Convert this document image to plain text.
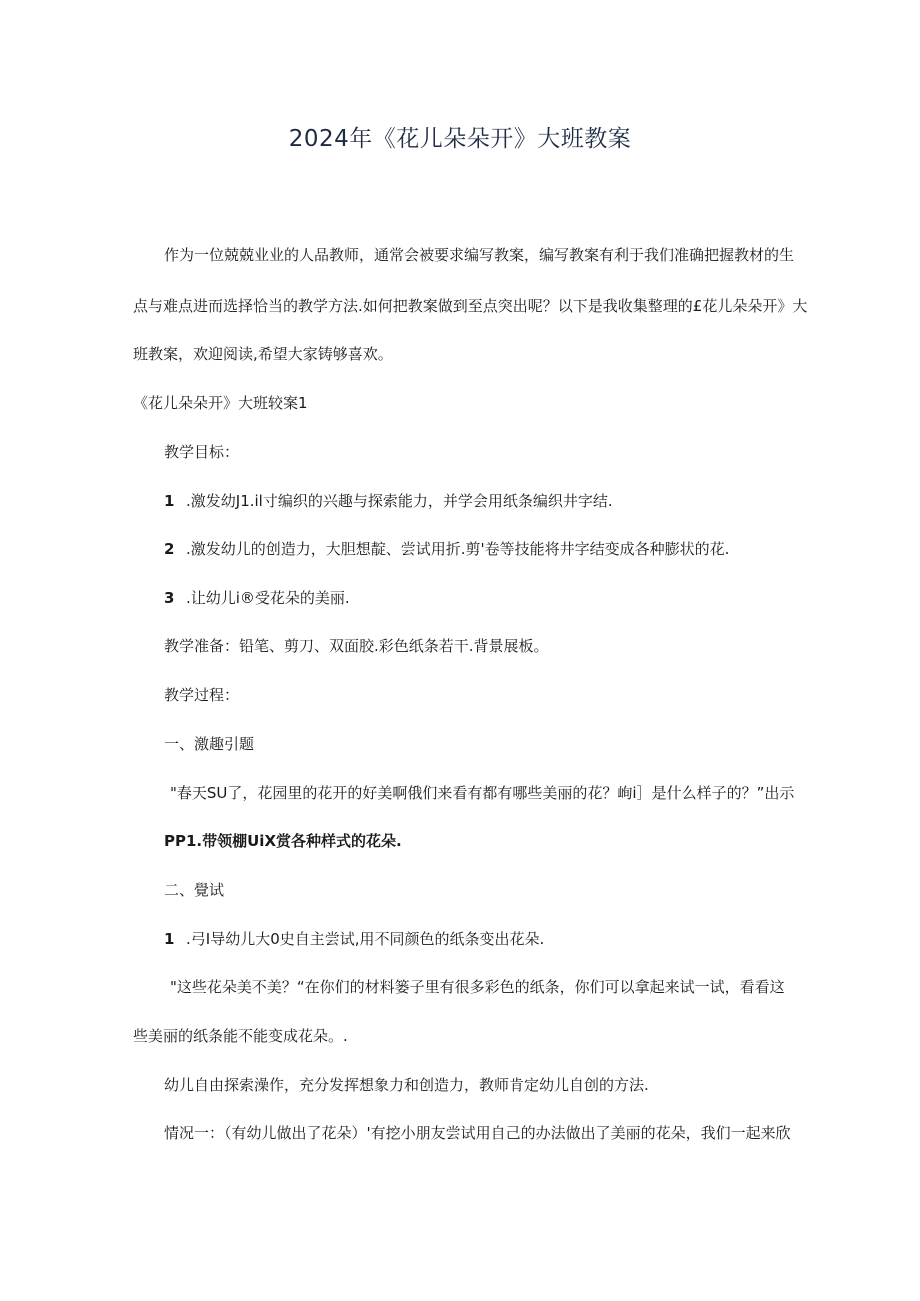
2024年《花儿朵朵开》大班教案
作为一位兢兢业业的人品教师，通常会被要求编写教案，编写教案有利于我们准确把握教材的生
点与难点进而选择恰当的教学方法.如何把教案做到至点突出呢？以下是我收集整理的£花儿朵朵开》大
班教案，欢迎阅读,希望大家铸够喜欢。
《花儿朵朵开》大班较案1
教学目标：
1 .激发幼J1.il寸编织的兴趣与探索能力，并学会用纸条编织井字结.
2 .激发幼儿的创造力，大胆想靛、尝试用折.剪'卷等技能将井字结变成各种膨状的花.
3 .让幼儿i®受花朵的美丽.
教学准备：铅笔、剪刀、双面胶.彩色纸条若干.背景展板。
教学过程：
一、激趣引题
"春天SU了，花园里的花开的好美啊俄们来看有都有哪些美丽的花？峋i］是什么样子的？”出示
PP1.带领棚UiX赏各种样式的花朵.
二、覺试
1 .弓I导幼儿大0史自主尝试,用不同颜色的纸条变出花朵.
"这些花朵美不美？“在你们的材料篓子里有很多彩色的纸条，你们可以拿起来试一试，看看这
些美丽的纸条能不能变成花朵。.
幼儿自由探索澡作，充分发挥想象力和创造力，教师肯定幼儿自创的方法.
情况一：（有幼儿做出了花朵）'有挖小朋友尝试用自己的办法做出了美丽的花朵，我们一起来欣
